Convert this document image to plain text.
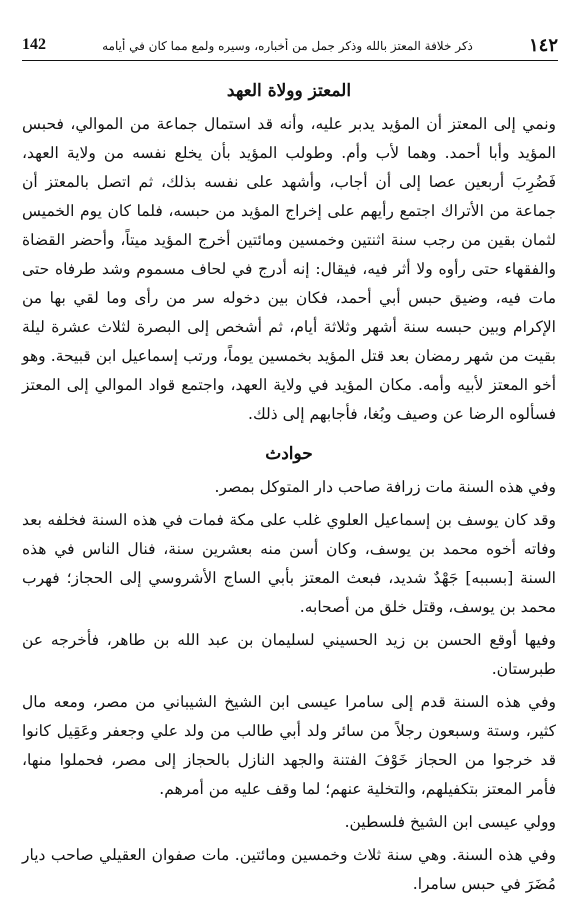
142	ذكر خلافة المعتز بالله وذكر جمل من أخباره، وسيره ولمع مما كان في أيامه	١٤٢
المعتز وولاة العهد

ونمي إلى المعتز أن المؤيد يدبر عليه، وأنه قد استمال جماعة من الموالي، فحبس المؤيد وأبا أحمد. وهما لأب وأم. وطولب المؤيد بأن يخلع نفسه من ولاية العهد، فَضُرِبَ أربعين عصا إلى أن أجاب، وأشهد على نفسه بذلك، ثم اتصل بالمعتز أن جماعة من الأتراك اجتمع رأيهم على إخراج المؤيد من حبسه، فلما كان يوم الخميس لثمان بقين من رجب سنة اثنتين وخمسين ومائتين أخرج المؤيد ميتاً، وأحضر القضاة والفقهاء حتى رأوه ولا أثر فيه، فيقال: إنه أدرج في لحاف مسموم وشد طرفاه حتى مات فيه، وضيق حبس أبي أحمد، فكان بين دخوله سر من رأى وما لقي بها من الإكرام وبين حبسه سنة أشهر وثلاثة أيام، ثم أشخص إلى البصرة لثلاث عشرة ليلة بقيت من شهر رمضان بعد قتل المؤيد بخمسين يوماً، ورتب إسماعيل ابن قبيحة. وهو أخو المعتز لأبيه وأمه. مكان المؤيد في ولاية العهد، واجتمع قواد الموالي إلى المعتز فسألوه الرضا عن وصيف وبُغا، فأجابهم إلى ذلك.

حوادث

وفي هذه السنة مات زرافة صاحب دار المتوكل بمصر.

وقد كان يوسف بن إسماعيل العلوي غلب على مكة فمات في هذه السنة فخلفه بعد وفاته أخوه محمد بن يوسف، وكان أسن منه بعشرين سنة، فنال الناس في هذه السنة [بسببه] جَهْدٌ شديد، فبعث المعتز بأبي الساج الأشروسي إلى الحجاز؛ فهرب محمد بن يوسف، وقتل خلق من أصحابه.

وفيها أوقع الحسن بن زيد الحسيني لسليمان بن عبد الله بن طاهر، فأخرجه عن طبرستان.

وفي هذه السنة قدم إلى سامرا عيسى ابن الشيخ الشيباني من مصر، ومعه مال كثير، وستة وسبعون رجلاً من سائر ولد أبي طالب من ولد علي وجعفر وعَقِيل كانوا قد خرجوا من الحجاز خَوْفَ الفتنة والجهد النازل بالحجاز إلى مصر، فحملوا منها، فأمر المعتز بتكفيلهم، والتخلية عنهم؛ لما وقف عليه من أمرهم.

وولي عيسى ابن الشيخ فلسطين.

وفي هذه السنة. وهي سنة ثلاث وخمسين ومائتين. مات صفوان العقيلي صاحب ديار مُضَرَ في حبس سامرا.
